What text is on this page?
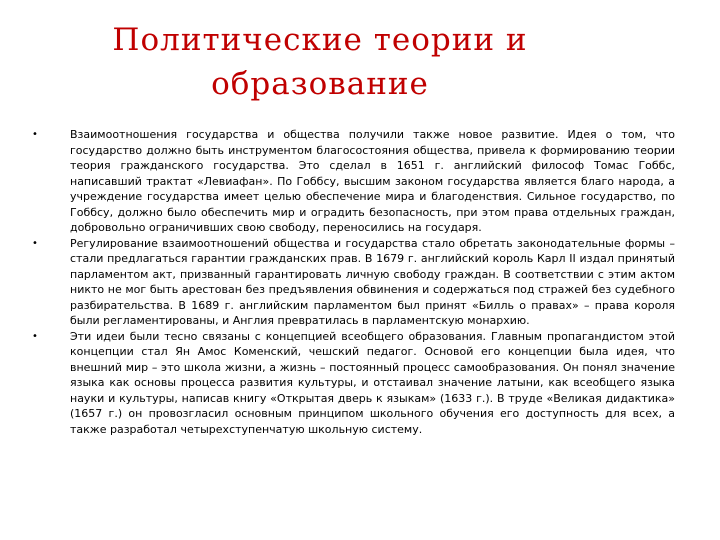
Политические теории и образование
•	Взаимоотношения государства и общества получили также новое развитие. Идея о том, что государство должно быть инструментом благосостояния общества, привела к формированию теории теория гражданского государства. Это сделал в 1651 г. английский философ Томас Гоббс, написавший трактат «Левиафан». По Гоббсу, высшим законом государства является благо народа, а учреждение государства имеет целью обеспечение мира и благоденствия. Сильное государство, по Гоббсу, должно было обеспечить мир и оградить безопасность, при этом права отдельных граждан, добровольно ограничивших свою свободу, переносились на государя.

•	Регулирование взаимоотношений общества и государства стало обретать законодательные формы – стали предлагаться гарантии гражданских прав. В 1679 г. английский король Карл II издал принятый парламентом акт, призванный гарантировать личную свободу граждан. В соответствии с этим актом никто не мог быть арестован без предъявления обвинения и содержаться под стражей без судебного разбирательства. В 1689 г. английским парламентом был принят «Билль о правах» – права короля были регламентированы, и Англия превратилась в парламентскую монархию.

•	Эти идеи были тесно связаны с концепцией всеобщего образования. Главным пропагандистом этой концепции стал Ян Амос Коменский, чешский педагог. Основой его концепции была идея, что внешний мир – это школа жизни, а жизнь – постоянный процесс самообразования. Он понял значение языка как основы процесса развития культуры, и отстаивал значение латыни, как всеобщего языка науки и культуры, написав книгу «Открытая дверь к языкам» (1633 г.). В труде «Великая дидактика» (1657 г.) он провозгласил основным принципом школьного обучения его доступность для всех, а также разработал четырехступенчатую школьную систему.
